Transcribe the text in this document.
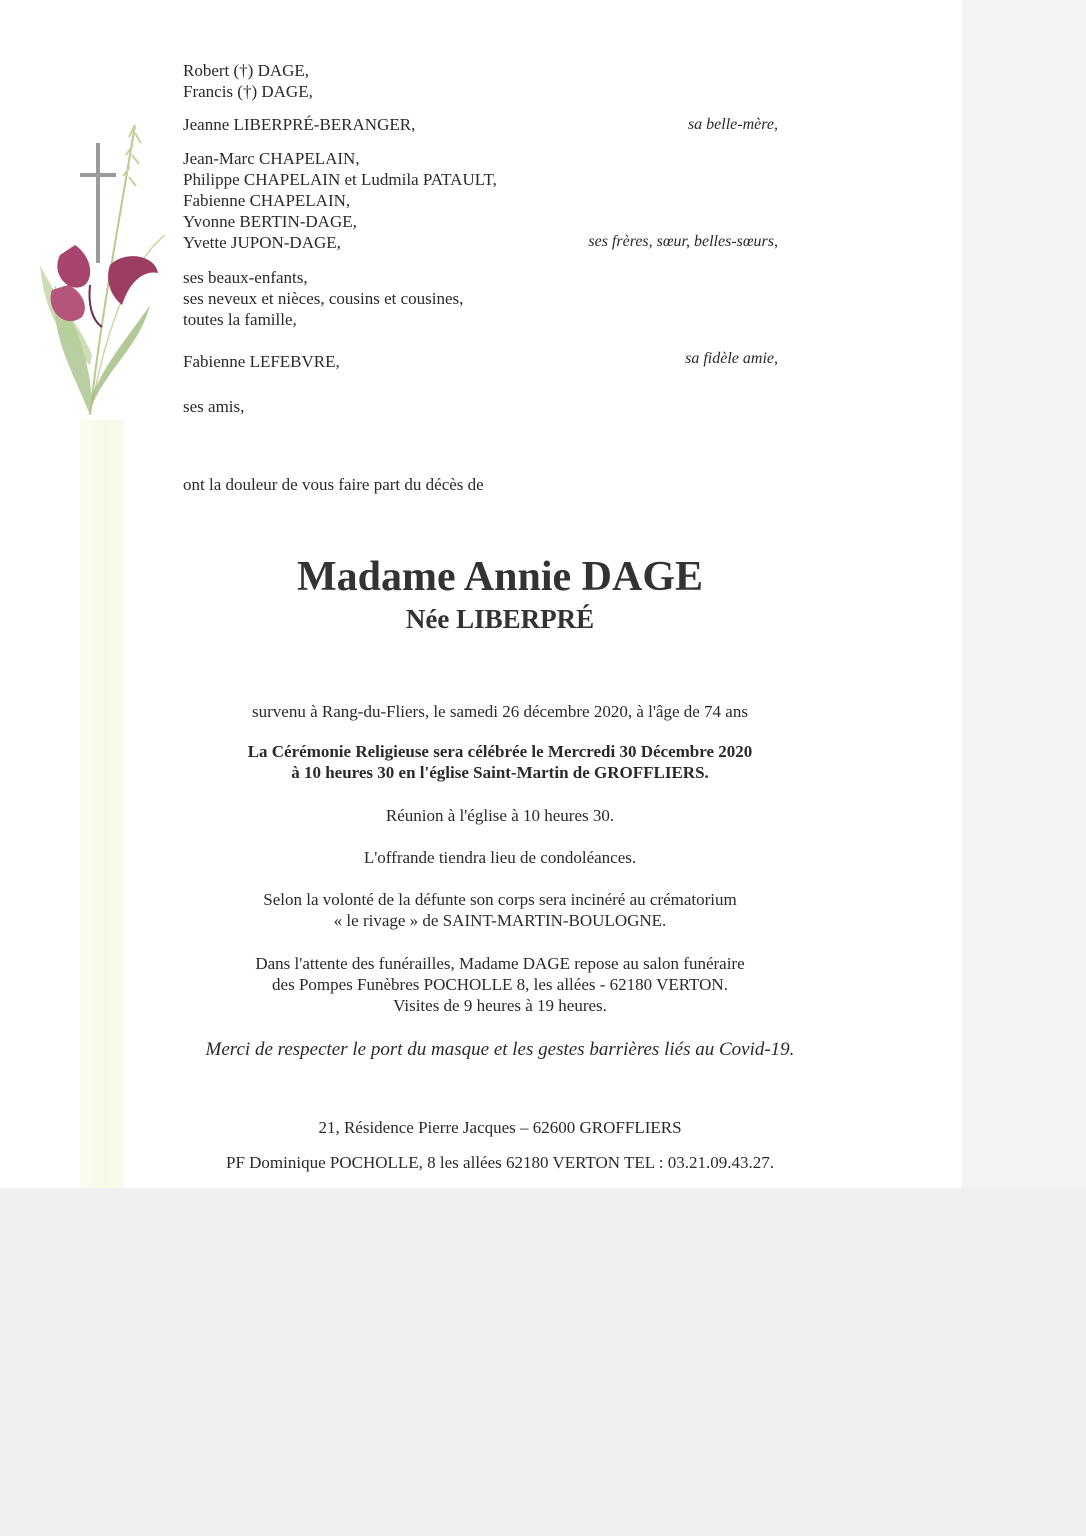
Robert (†) DAGE,
Francis (†) DAGE,
Jeanne LIBERPRÉ-BERANGER,	sa belle-mère,
Jean-Marc CHAPELAIN,
Philippe CHAPELAIN et Ludmila PATAULT,
Fabienne CHAPELAIN,
Yvonne BERTIN-DAGE,
Yvette JUPON-DAGE,	ses frères, sœur, belles-sœurs,
ses beaux-enfants,
ses neveux et nièces, cousins et cousines,
toutes la famille,
Fabienne LEFEBVRE,	sa fidèle amie,
ses amis,
ont la douleur de vous faire part du décès de
Madame Annie DAGE
Née LIBERPRÉ
survenu à Rang-du-Fliers, le samedi 26 décembre 2020, à l'âge de 74 ans
La Cérémonie Religieuse sera célébrée le Mercredi 30 Décembre 2020
à 10 heures 30 en l'église Saint-Martin de GROFFLIERS.
Réunion à l'église à 10 heures 30.
L'offrande tiendra lieu de condoléances.
Selon la volonté de la défunte son corps sera incinéré au crématorium
« le rivage » de SAINT-MARTIN-BOULOGNE.
Dans l'attente des funérailles, Madame DAGE repose au salon funéraire
des Pompes Funèbres POCHOLLE 8, les allées - 62180 VERTON.
Visites de 9 heures à 19 heures.
Merci de respecter le port du masque et les gestes barrières liés au Covid-19.
21, Résidence Pierre Jacques – 62600 GROFFLIERS
PF Dominique POCHOLLE, 8 les allées 62180 VERTON TEL : 03.21.09.43.27.
